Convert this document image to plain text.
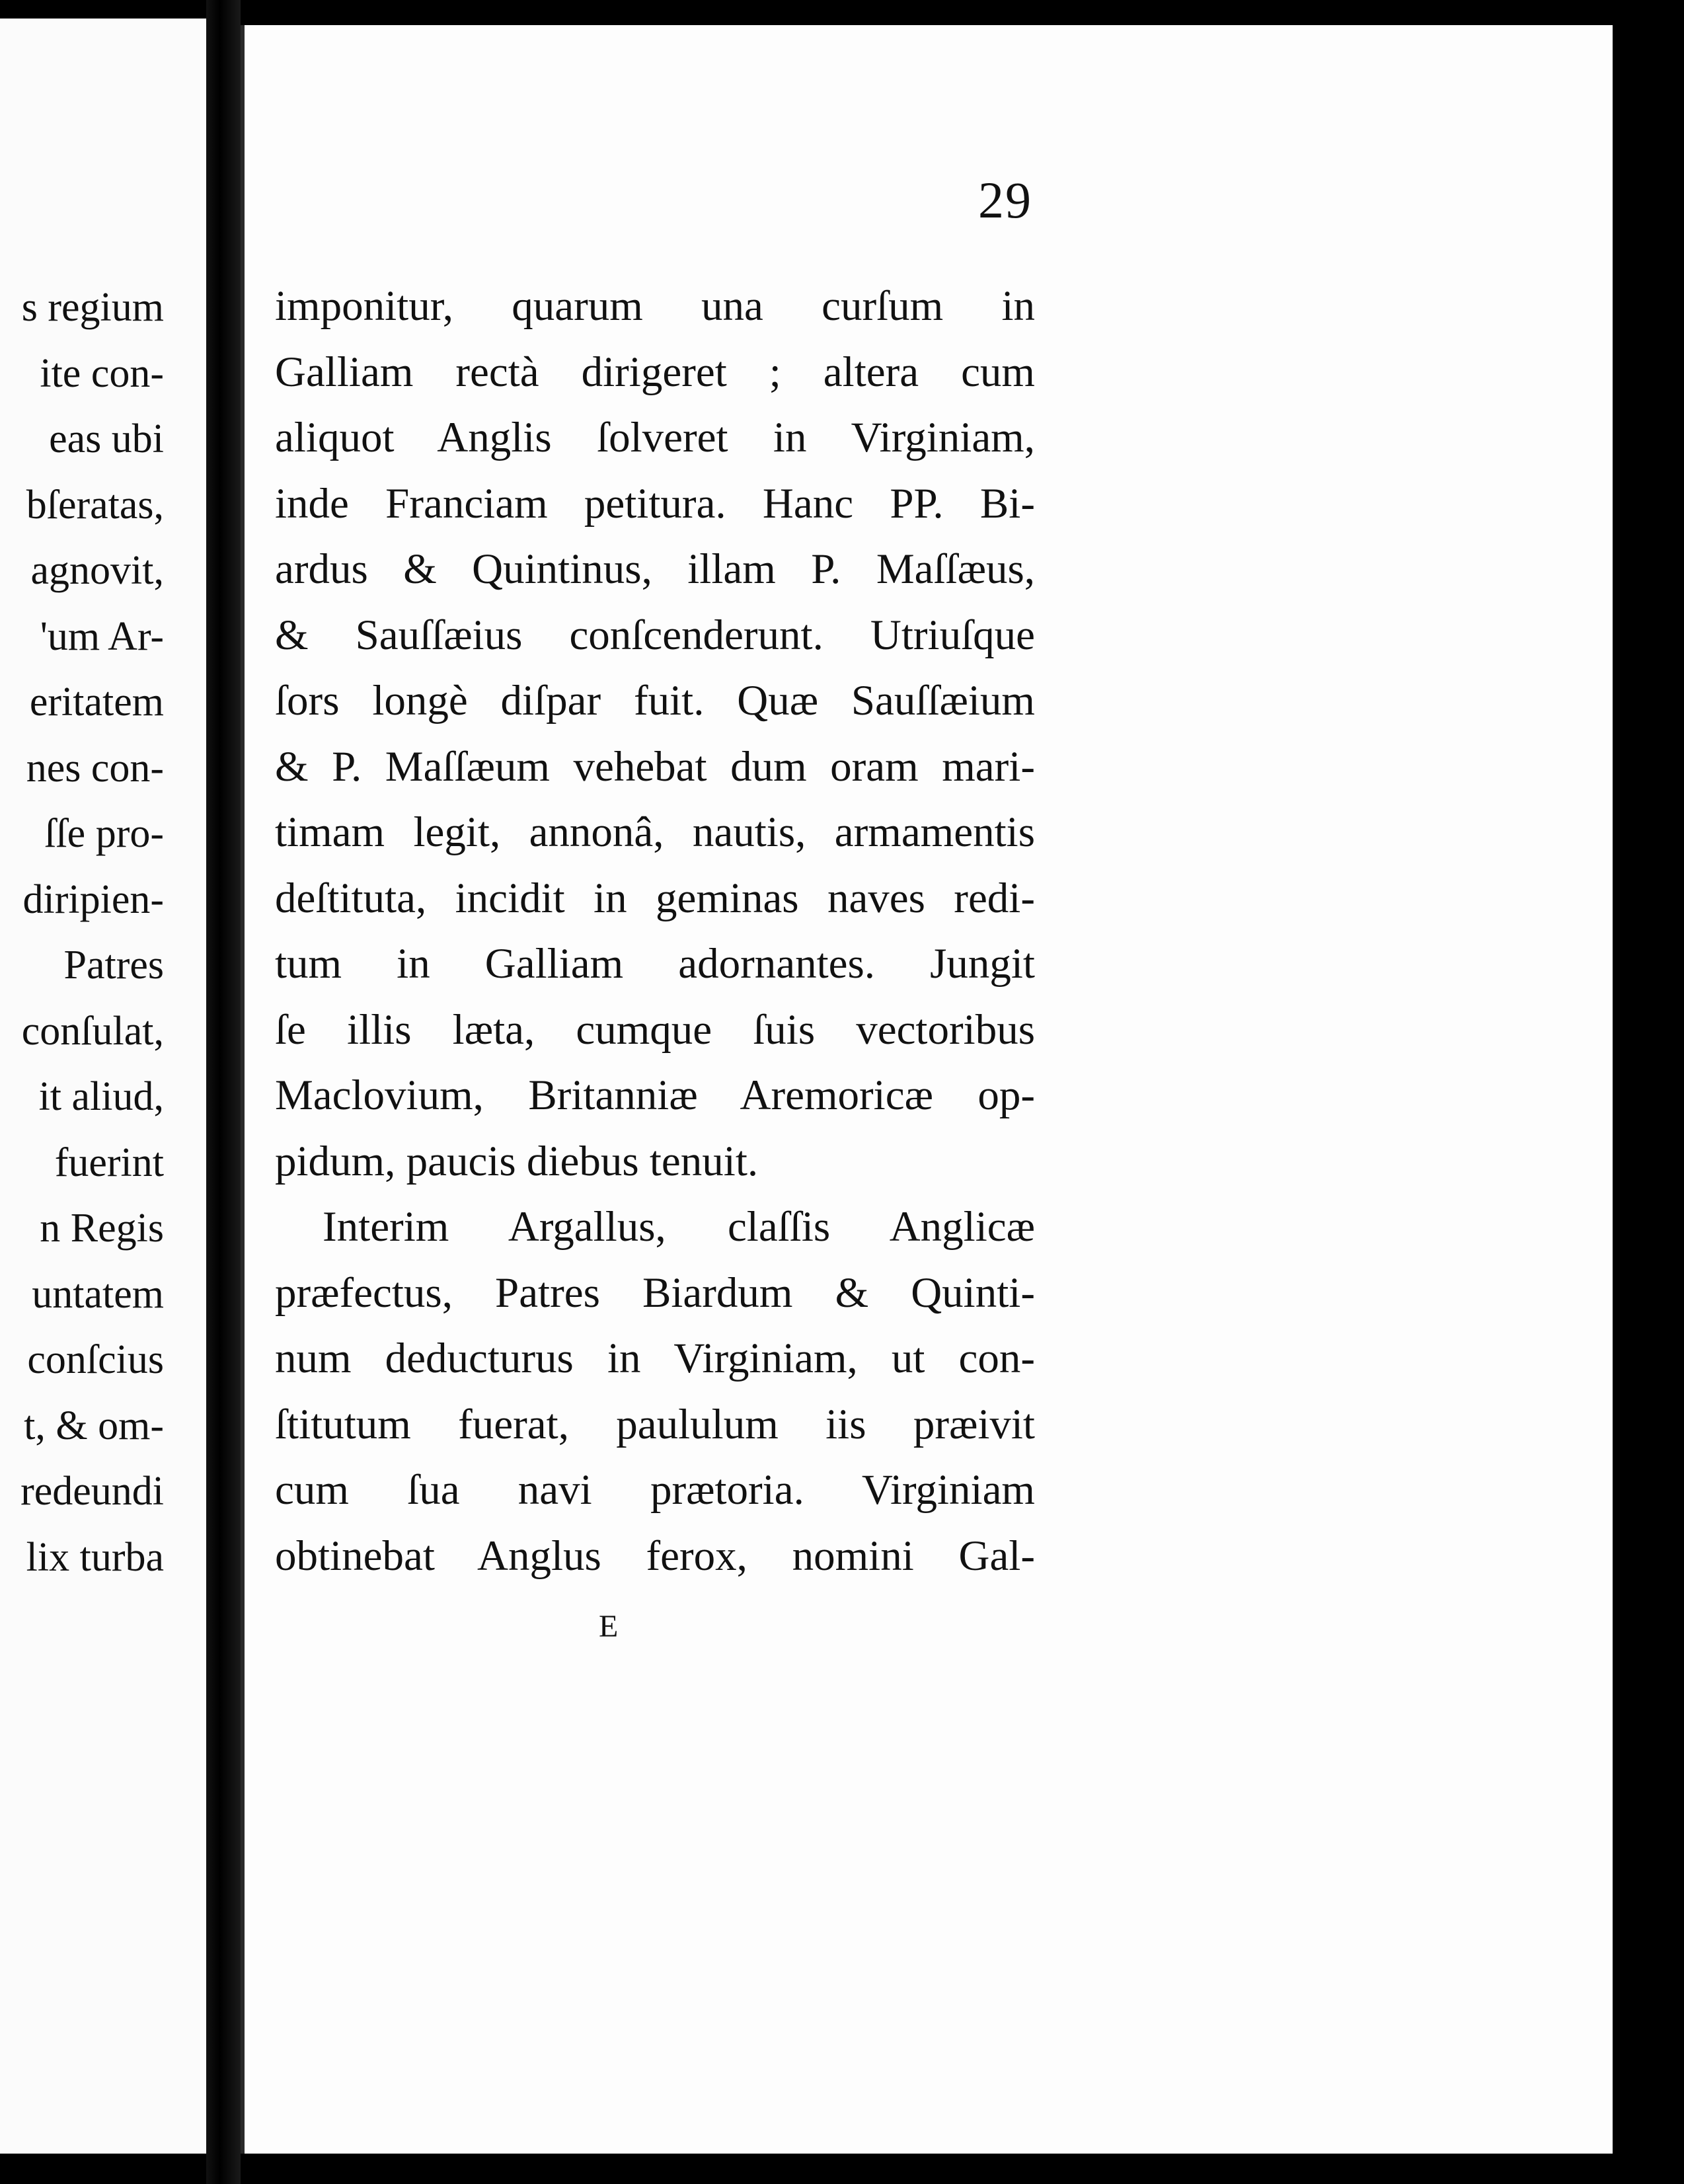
s regium
ite con-
eas ubi
bſeratas,
agnovit,
'um Ar-
eritatem
nes con-
ſſe pro-
diripien-
Patres
conſulat,
it aliud,
fuerint
n Regis
untatem
conſcius
t, & om-
redeundi
lix turba
29
imponitur, quarum una curſum in
Galliam rectà dirigeret ; altera cum
aliquot Anglis ſolveret in Virginiam,
inde Franciam petitura. Hanc PP. Bi-
ardus & Quintinus, illam P. Maſſæus,
& Sauſſæius conſcenderunt. Utriuſque
ſors longè diſpar fuit. Quæ Sauſſæium
& P. Maſſæum vehebat dum oram mari-
timam legit, annonâ, nautis, armamentis
deſtituta, incidit in geminas naves redi-
tum in Galliam adornantes. Jungit
ſe illis læta, cumque ſuis vectoribus
Maclovium, Britanniæ Aremoricæ op-
pidum, paucis diebus tenuit.
Interim Argallus, claſſis Anglicæ
præfectus, Patres Biardum & Quinti-
num deducturus in Virginiam, ut con-
ſtitutum fuerat, paululum iis præivit
cum ſua navi prætoria. Virginiam
obtinebat Anglus ferox, nomini Gal-
E
